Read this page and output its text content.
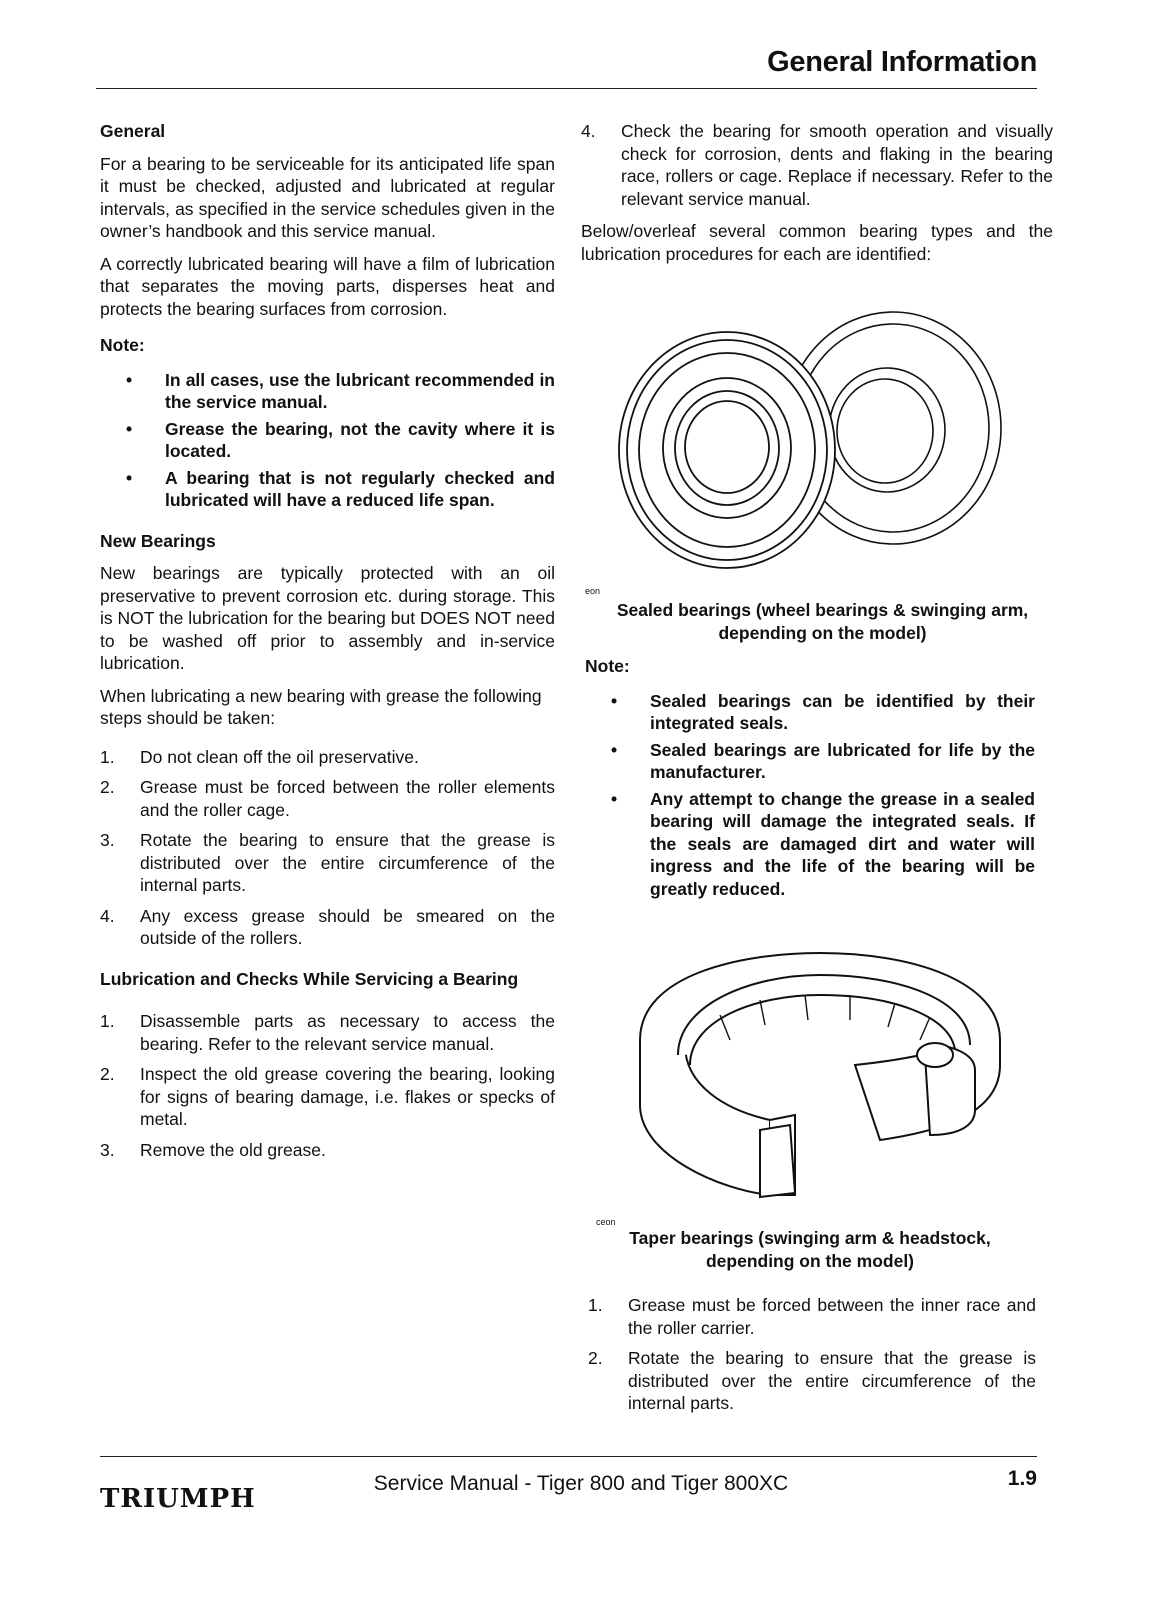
General Information
General

For a bearing to be serviceable for its anticipated life span it must be checked, adjusted and lubricated at regular intervals, as specified in the service schedules given in the owner’s handbook and this service manual.

A correctly lubricated bearing will have a film of lubrication that separates the moving parts, disperses heat and protects the bearing surfaces from corrosion.

Note:
• In all cases, use the lubricant recommended in the service manual.
• Grease the bearing, not the cavity where it is located.
• A bearing that is not regularly checked and lubricated will have a reduced life span.
New Bearings

New bearings are typically protected with an oil preservative to prevent corrosion etc. during storage. This is NOT the lubrication for the bearing but DOES NOT need to be washed off prior to assembly and in-service lubrication.

When lubricating a new bearing with grease the following steps should be taken:

1. Do not clean off the oil preservative.
2. Grease must be forced between the roller elements and the roller cage.
3. Rotate the bearing to ensure that the grease is distributed over the entire circumference of the internal parts.
4. Any excess grease should be smeared on the outside of the rollers.
Lubrication and Checks While Servicing a Bearing
1. Disassemble parts as necessary to access the bearing. Refer to the relevant service manual.
2. Inspect the old grease covering the bearing, looking for signs of bearing damage, i.e. flakes or specks of metal.
3. Remove the old grease.
4. Check the bearing for smooth operation and visually check for corrosion, dents and flaking in the bearing race, rollers or cage. Replace if necessary. Refer to the relevant service manual.

Below/overleaf several common bearing types and the lubrication procedures for each are identified:

eon
Sealed bearings (wheel bearings & swinging arm, depending on the model)
Note:
• Sealed bearings can be identified by their integrated seals.
• Sealed bearings are lubricated for life by the manufacturer.
• Any attempt to change the grease in a sealed bearing will damage the integrated seals. If the seals are damaged dirt and water will ingress and the life of the bearing will be greatly reduced.
ceon
Taper bearings (swinging arm & headstock, depending on the model)
1. Grease must be forced between the inner race and the roller carrier.
2. Rotate the bearing to ensure that the grease is distributed over the entire circumference of the internal parts.
TRIUMPH
Service Manual - Tiger 800 and Tiger 800XC	1.9
